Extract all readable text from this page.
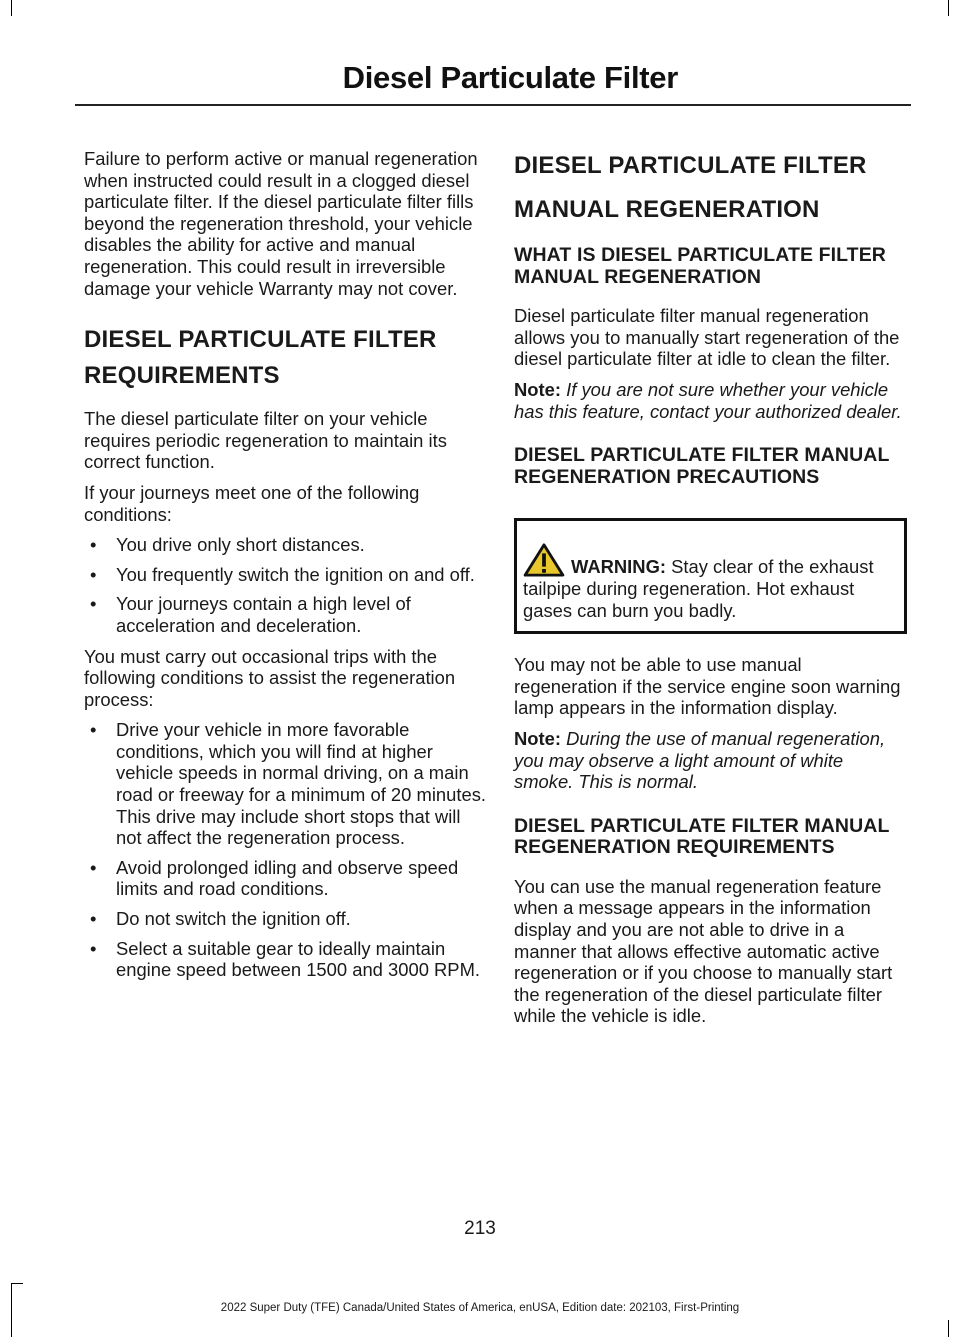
Diesel Particulate Filter

Failure to perform active or manual regeneration when instructed could result in a clogged diesel particulate filter. If the diesel particulate filter fills beyond the regeneration threshold, your vehicle disables the ability for active and manual regeneration. This could result in irreversible damage your vehicle Warranty may not cover.

DIESEL PARTICULATE FILTER
REQUIREMENTS

The diesel particulate filter on your vehicle requires periodic regeneration to maintain its correct function.

If your journeys meet one of the following conditions:

• You drive only short distances.
• You frequently switch the ignition on and off.
• Your journeys contain a high level of acceleration and deceleration.

You must carry out occasional trips with the following conditions to assist the regeneration process:

• Drive your vehicle in more favorable conditions, which you will find at higher vehicle speeds in normal driving, on a main road or freeway for a minimum of 20 minutes. This drive may include short stops that will not affect the regeneration process.
• Avoid prolonged idling and observe speed limits and road conditions.
• Do not switch the ignition off.
• Select a suitable gear to ideally maintain engine speed between 1500 and 3000 RPM.
DIESEL PARTICULATE FILTER
MANUAL REGENERATION
WHAT IS DIESEL PARTICULATE FILTER MANUAL REGENERATION

Diesel particulate filter manual regeneration allows you to manually start regeneration of the diesel particulate filter at idle to clean the filter.

Note: If you are not sure whether your vehicle has this feature, contact your authorized dealer.

DIESEL PARTICULATE FILTER MANUAL REGENERATION PRECAUTIONS
WARNING: Stay clear of the exhaust tailpipe during regeneration. Hot exhaust gases can burn you badly.

You may not be able to use manual regeneration if the service engine soon warning lamp appears in the information display.

Note: During the use of manual regeneration, you may observe a light amount of white smoke. This is normal.

DIESEL PARTICULATE FILTER MANUAL REGENERATION REQUIREMENTS

You can use the manual regeneration feature when a message appears in the information display and you are not able to drive in a manner that allows effective automatic active regeneration or if you choose to manually start the regeneration of the diesel particulate filter while the vehicle is idle.

213
2022 Super Duty (TFE) Canada/United States of America, enUSA, Edition date: 202103, First-Printing
